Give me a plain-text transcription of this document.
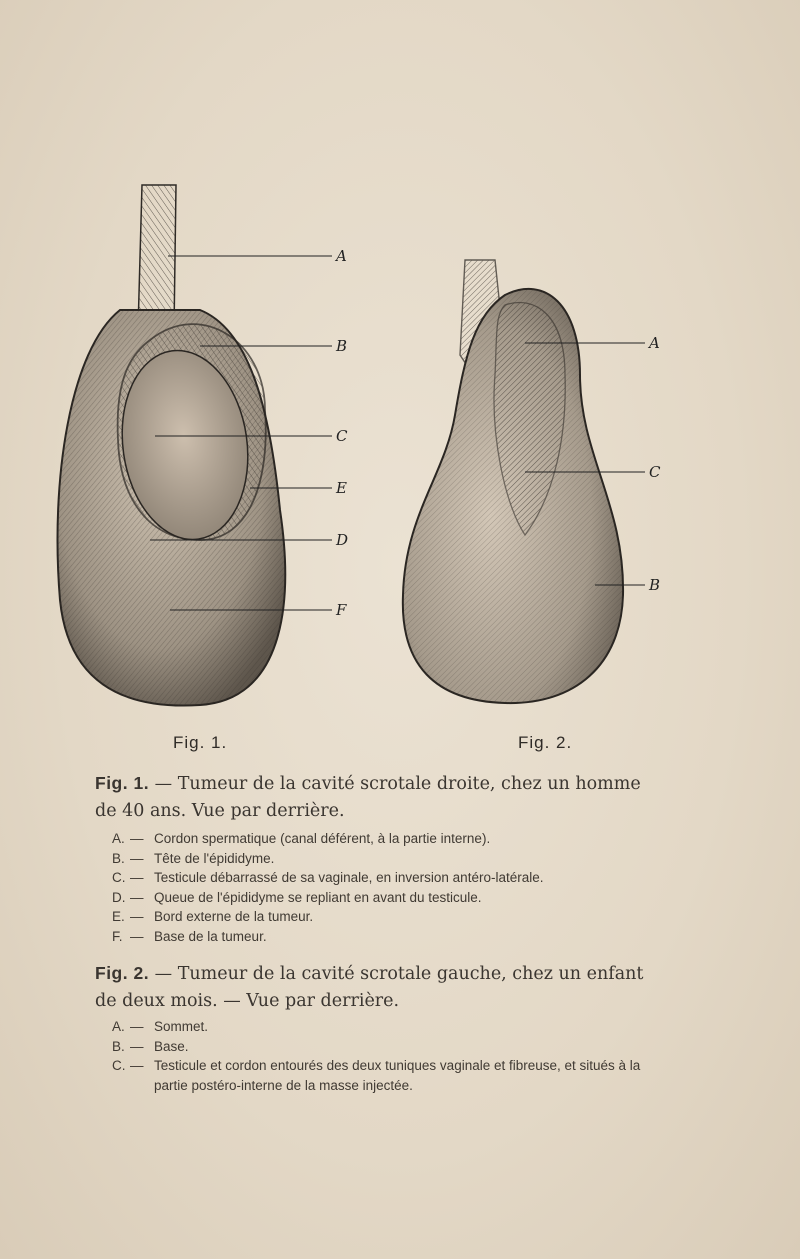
A
B
C
E
D
F
A
C
B
Fig. 1.	Fig. 2.
Fig. 1. — Tumeur de la cavité scrotale droite, chez un homme de 40 ans. Vue par derrière.
A. — Cordon spermatique (canal déférent, à la partie interne).
B. — Tête de l'épididyme.
C. — Testicule débarrassé de sa vaginale, en inversion antéro-latérale.
D. — Queue de l'épididyme se repliant en avant du testicule.
E. — Bord externe de la tumeur.
F. — Base de la tumeur.
Fig. 2. — Tumeur de la cavité scrotale gauche, chez un enfant de deux mois. — Vue par derrière.
A. — Sommet.
B. — Base.
C. — Testicule et cordon entourés des deux tuniques vaginale et fibreuse, et situés à la partie postéro-interne de la masse injectée.
